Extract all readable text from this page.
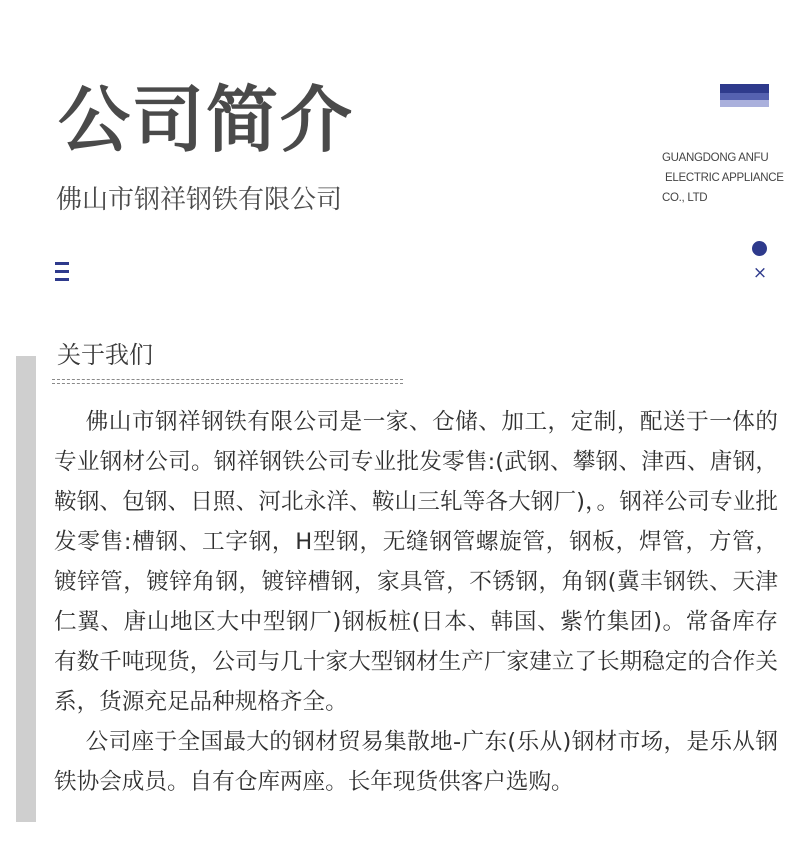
公司简介
佛山市钢祥钢铁有限公司
GUANGDONG ANFU
ELECTRIC APPLIANCE
CO., LTD
×
关于我们

佛山市钢祥钢铁有限公司是一家、仓储、加工，定制，配送于一体的专业钢材公司。钢祥钢铁公司专业批发零售:(武钢、攀钢、津西、唐钢，鞍钢、包钢、日照、河北永洋、鞍山三轧等各大钢厂)，。钢祥公司专业批发零售:槽钢、工字钢，H型钢，无缝钢管螺旋管，钢板，焊管，方管，镀锌管，镀锌角钢，镀锌槽钢，家具管，不锈钢，角钢(冀丰钢铁、天津仁翼、唐山地区大中型钢厂)钢板桩(日本、韩国、紫竹集团)。常备库存有数千吨现货，公司与几十家大型钢材生产厂家建立了长期稳定的合作关系，货源充足品种规格齐全。

公司座于全国最大的钢材贸易集散地-广东(乐从)钢材市场，是乐从钢铁协会成员。自有仓库两座。长年现货供客户选购。
